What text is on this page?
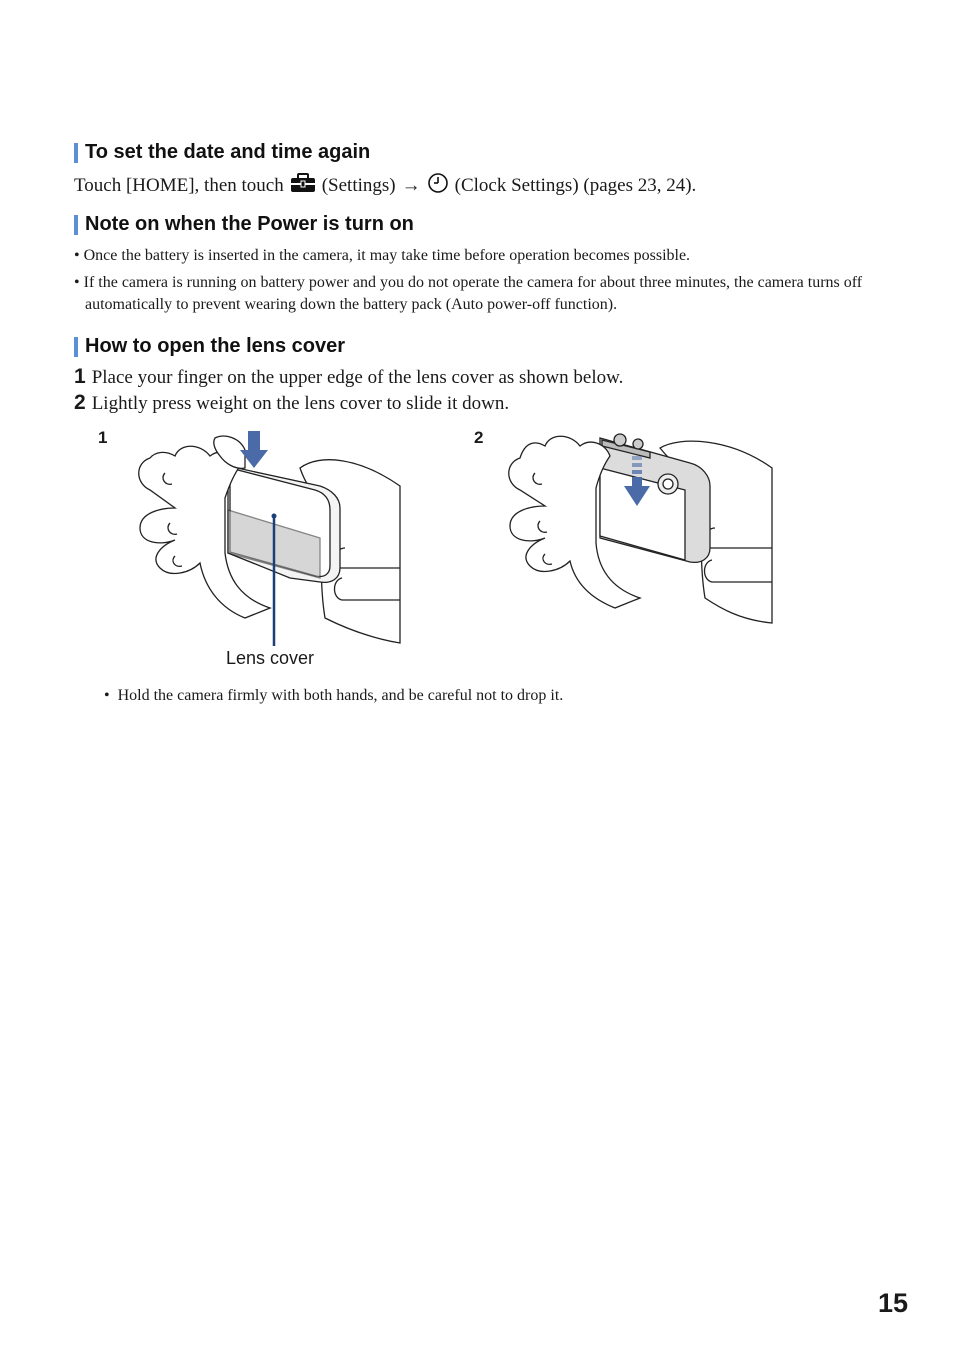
To set the date and time again
Touch [HOME], then touch (Settings) → (Clock Settings) (pages 23, 24).
Note on when the Power is turn on
• Once the battery is inserted in the camera, it may take time before operation becomes possible.
• If the camera is running on battery power and you do not operate the camera for about three minutes, the camera turns off automatically to prevent wearing down the battery pack (Auto power-off function).
How to open the lens cover
1 Place your finger on the upper edge of the lens cover as shown below.
2 Lightly press weight on the lens cover to slide it down.
1
Lens cover
2
• Hold the camera firmly with both hands, and be careful not to drop it.
15
